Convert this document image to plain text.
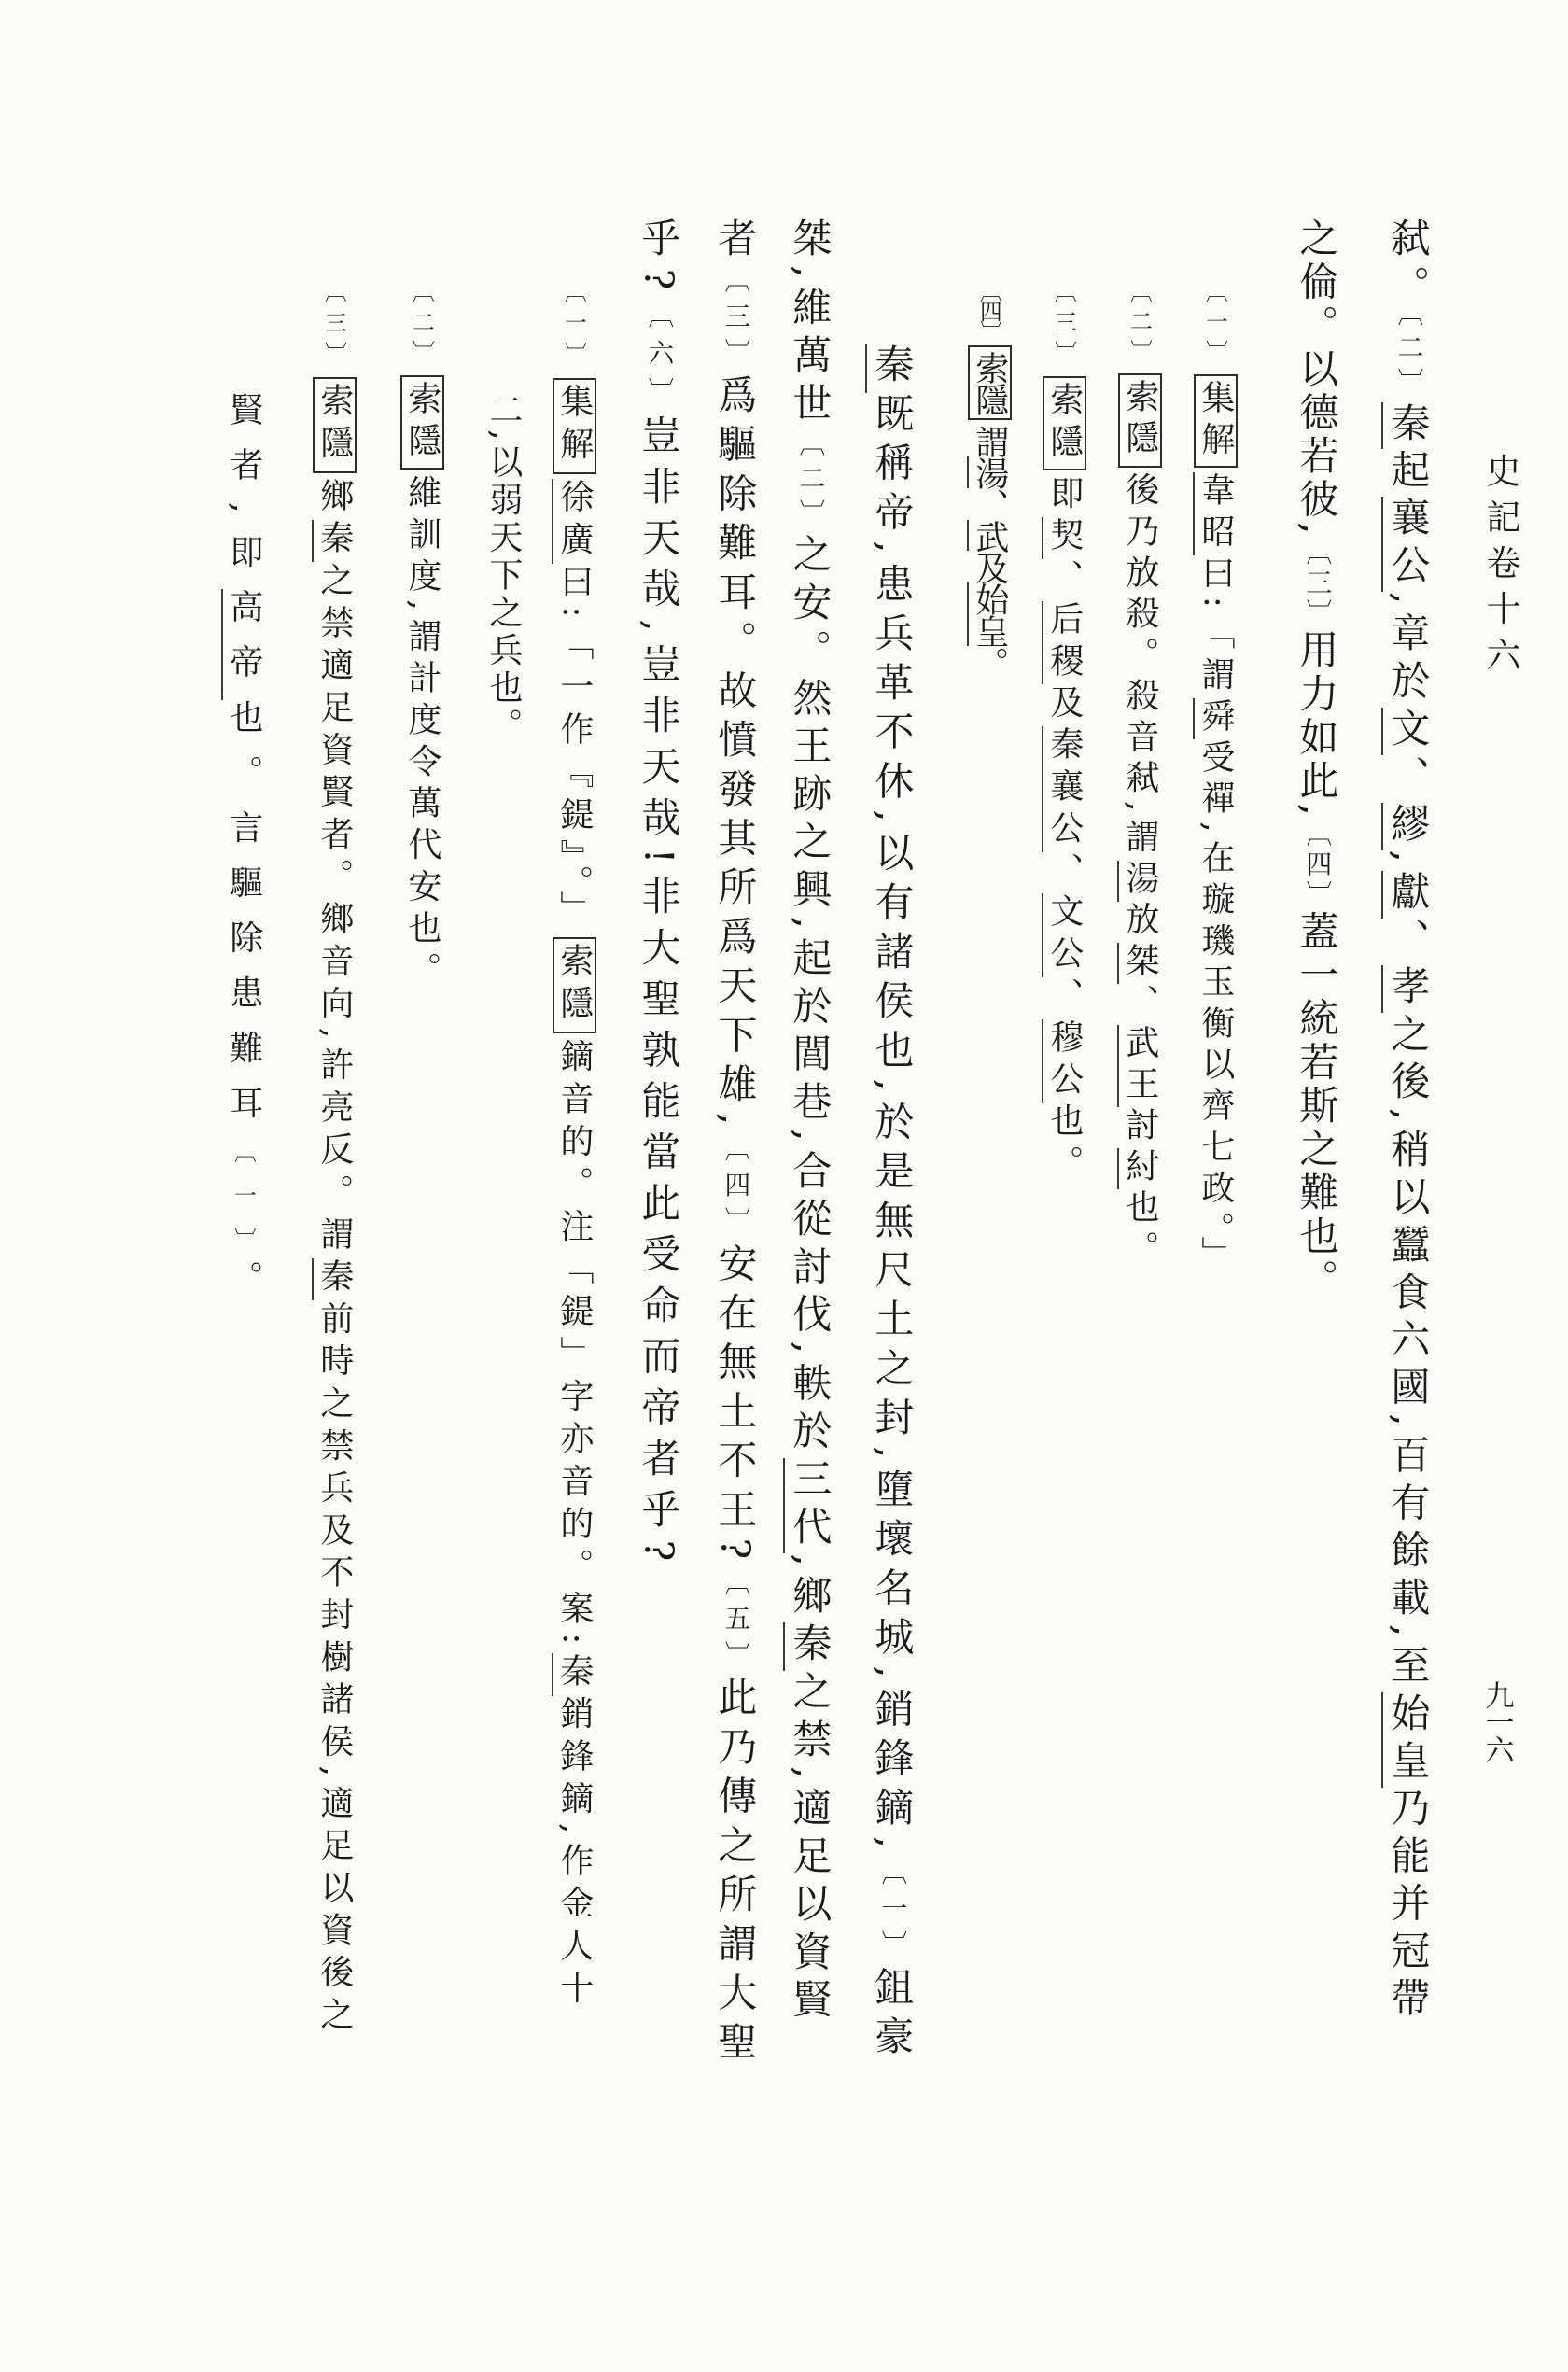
史記卷十六
九一六
弑。〔二〕秦起襄公,章於文、繆,獻、孝之後,稍以蠶食六國,百有餘載,至始皇乃能并冠帶
之倫。以德若彼,〔三〕用力如此,〔四〕蓋一統若斯之難也。
〔一〕集解韋昭曰:「謂舜受禪,在璇璣玉衡以齊七政。」
〔二〕索隱後乃放殺。殺音弒,謂湯放桀、武王討紂也。
〔三〕索隱即契、后稷及秦襄公、文公、穆公也。
〔四〕索隱謂湯、武及始皇。
秦既稱帝,患兵革不休,以有諸侯也,於是無尺土之封,墮壞名城,銷鋒鏑,〔一〕鉏豪
桀,維萬世〔二〕之安。然王跡之興,起於閭巷,合從討伐,軼於三代,鄉秦之禁,適足以資賢
者〔三〕爲驅除難耳。故憤發其所爲天下雄,〔四〕安在無土不王?〔五〕此乃傳之所謂大聖
乎?〔六〕豈非天哉,豈非天哉!非大聖孰能當此受命而帝者乎?
〔一〕集解徐廣曰:「一作『鍉』。」索隱鏑音的。注「鍉」字亦音的。案:秦銷鋒鏑,作金人十
二,以弱天下之兵也。
〔二〕索隱維訓度,謂計度令萬代安也。
〔三〕索隱鄉秦之禁適足資賢者。鄉音向,許亮反。謂秦前時之禁兵及不封樹諸侯,適足以資後之
賢者,即高帝也。言驅除患難耳〔一〕。
